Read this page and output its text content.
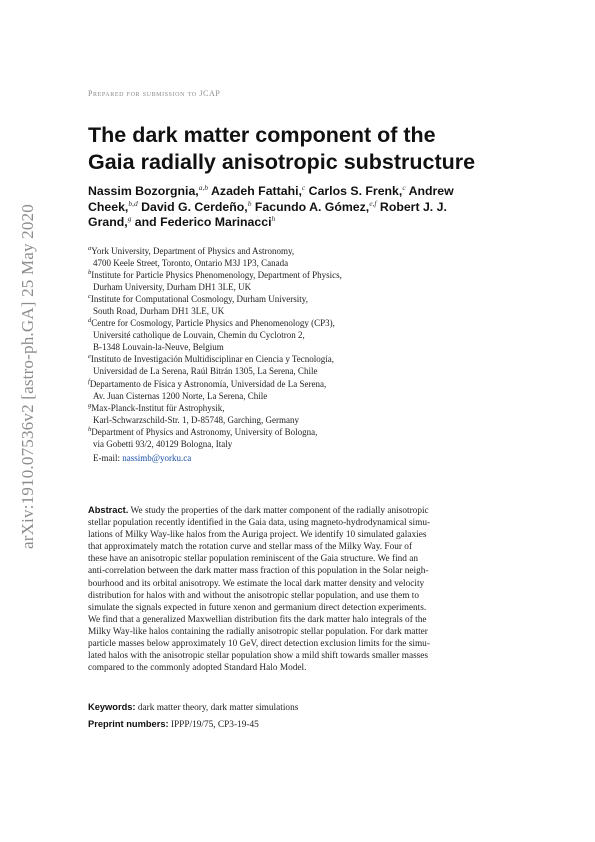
arXiv:1910.07536v2 [astro-ph.GA] 25 May 2020
Prepared for submission to JCAP
The dark matter component of the
Gaia radially anisotropic substructure
Nassim Bozorgnia,$^{a,b}$ Azadeh Fattahi,$^c$ Carlos S. Frenk,$^c$ Andrew
Cheek,$^{b,d}$ David G. Cerdeño,$^b$ Facundo A. Gómez,$^{e,f}$ Robert J. J.
Grand,$^g$ and Federico Marinacci$^h$
$^a$York University, Department of Physics and Astronomy,
4700 Keele Street, Toronto, Ontario M3J 1P3, Canada
$^b$Institute for Particle Physics Phenomenology, Department of Physics,
Durham University, Durham DH1 3LE, UK
$^c$Institute for Computational Cosmology, Durham University,
South Road, Durham DH1 3LE, UK
$^d$Centre for Cosmology, Particle Physics and Phenomenology (CP3),
Université catholique de Louvain, Chemin du Cyclotron 2,
B-1348 Louvain-la-Neuve, Belgium
$^e$Instituto de Investigación Multidisciplinar en Ciencia y Tecnología,
Universidad de La Serena, Raúl Bitrán 1305, La Serena, Chile
$^f$Departamento de Física y Astronomía, Universidad de La Serena,
Av. Juan Cisternas 1200 Norte, La Serena, Chile
$^g$Max-Planck-Institut für Astrophysik,
Karl-Schwarzschild-Str. 1, D-85748, Garching, Germany
$^h$Department of Physics and Astronomy, University of Bologna,
via Gobetti 93/2, 40129 Bologna, Italy
E-mail: nassimb@yorku.ca
Abstract. We study the properties of the dark matter component of the radially anisotropic
stellar population recently identified in the Gaia data, using magneto-hydrodynamical simu-
lations of Milky Way-like halos from the Auriga project. We identify 10 simulated galaxies
that approximately match the rotation curve and stellar mass of the Milky Way. Four of
these have an anisotropic stellar population reminiscent of the Gaia structure. We find an
anti-correlation between the dark matter mass fraction of this population in the Solar neigh-
bourhood and its orbital anisotropy. We estimate the local dark matter density and velocity
distribution for halos with and without the anisotropic stellar population, and use them to
simulate the signals expected in future xenon and germanium direct detection experiments.
We find that a generalized Maxwellian distribution fits the dark matter halo integrals of the
Milky Way-like halos containing the radially anisotropic stellar population. For dark matter
particle masses below approximately 10 GeV, direct detection exclusion limits for the simu-
lated halos with the anisotropic stellar population show a mild shift towards smaller masses
compared to the commonly adopted Standard Halo Model.
Keywords: dark matter theory, dark matter simulations
Preprint numbers: IPPP/19/75, CP3-19-45
